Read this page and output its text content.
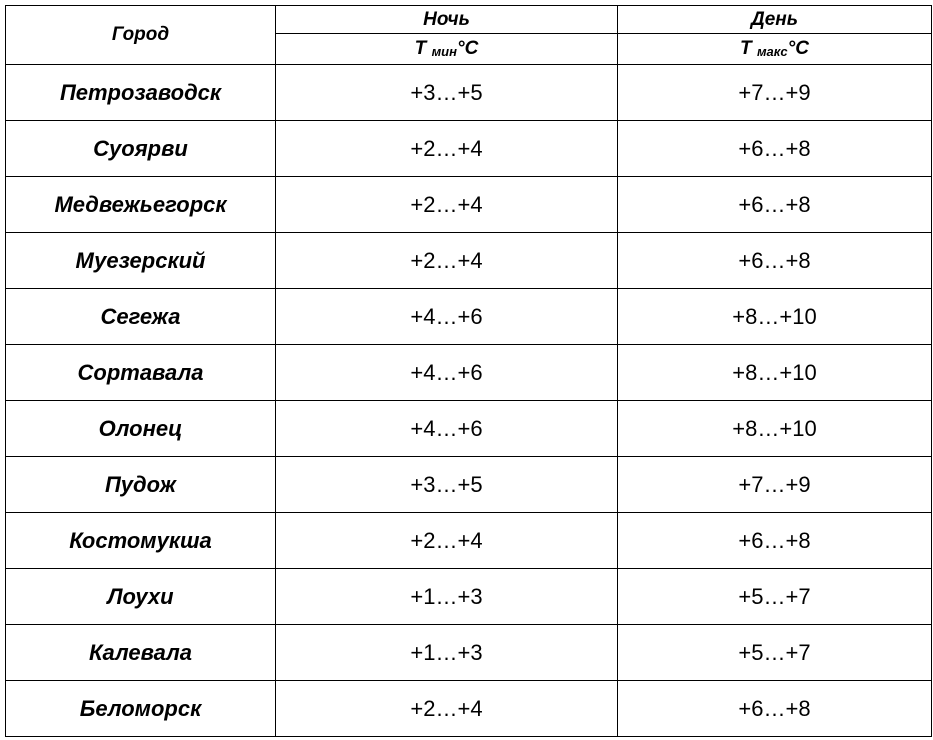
Город	Ночь	День
	Т мин°С	Т макс°С
Петрозаводск	+3…+5	+7…+9
Суоярви	+2…+4	+6…+8
Медвежьегорск	+2…+4	+6…+8
Муезерский	+2…+4	+6…+8
Сегежа	+4…+6	+8…+10
Сортавала	+4…+6	+8…+10
Олонец	+4…+6	+8…+10
Пудож	+3…+5	+7…+9
Костомукша	+2…+4	+6…+8
Лоухи	+1…+3	+5…+7
Калевала	+1…+3	+5…+7
Беломорск	+2…+4	+6…+8
